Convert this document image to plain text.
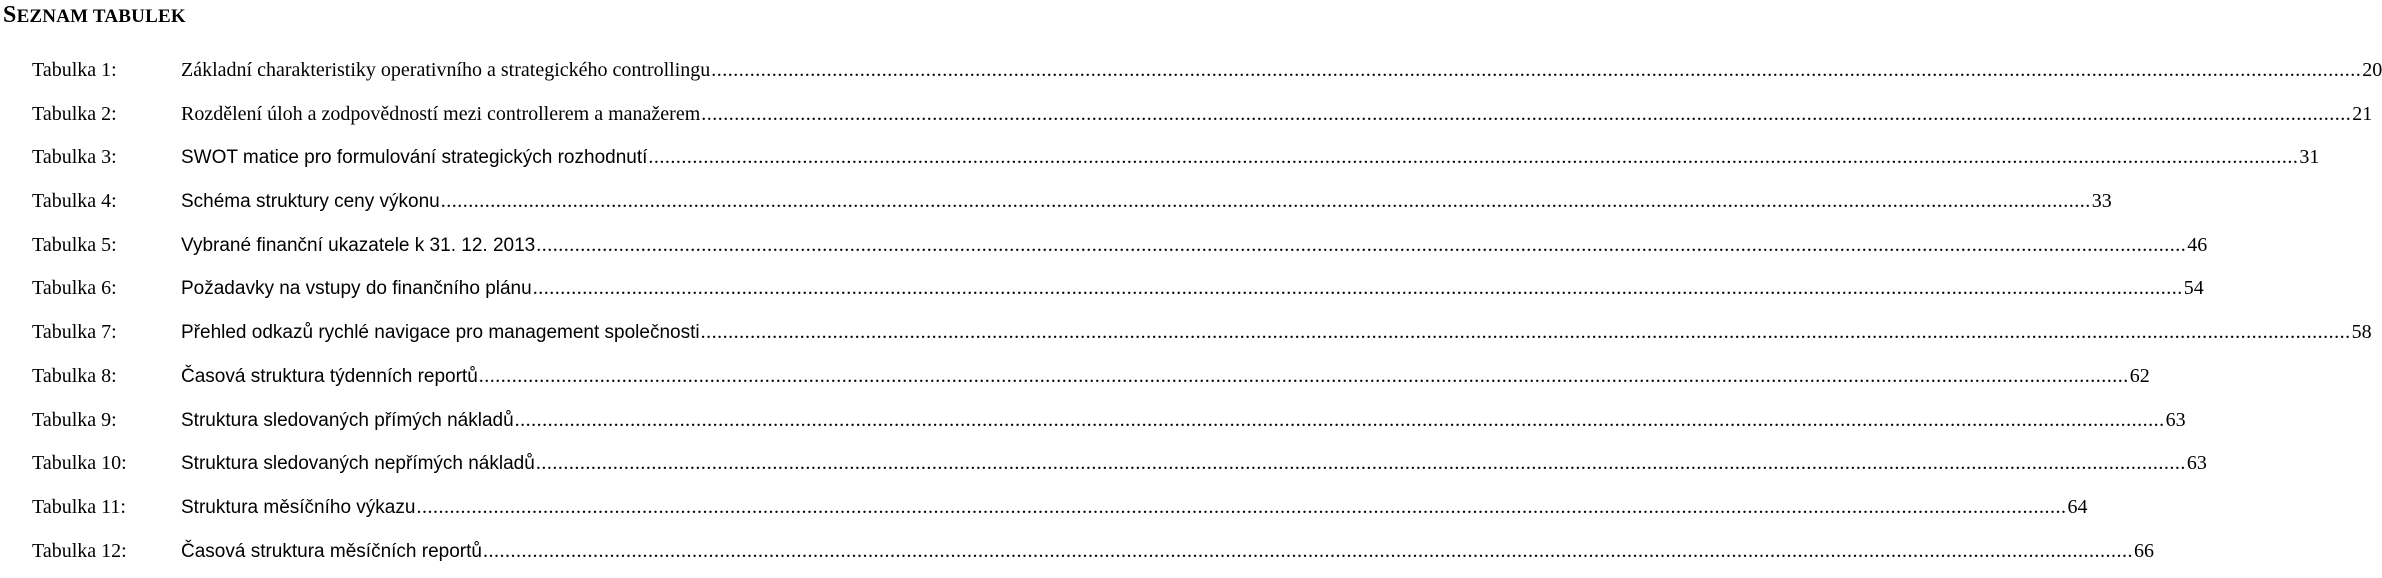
SEZNAM TABULEK
Tabulka 1:	Základní charakteristiky operativního a strategického controllingu ............................................................................................................................................................................................................................................................................................................ 20
Tabulka 2:	Rozdělení úloh a zodpovědností mezi controllerem a manažerem ............................................................................................................................................................................................................................................................................................................ 21
Tabulka 3:	SWOT matice pro formulování strategických rozhodnutí ............................................................................................................................................................................................................................................................................................................ 31
Tabulka 4:	Schéma struktury ceny výkonu ............................................................................................................................................................................................................................................................................................................ 33
Tabulka 5:	Vybrané finanční ukazatele k 31. 12. 2013 ............................................................................................................................................................................................................................................................................................................ 46
Tabulka 6:	Požadavky na vstupy do finančního plánu ............................................................................................................................................................................................................................................................................................................ 54
Tabulka 7:	Přehled odkazů rychlé navigace pro management společnosti ............................................................................................................................................................................................................................................................................................................ 58
Tabulka 8:	Časová struktura týdenních reportů ............................................................................................................................................................................................................................................................................................................ 62
Tabulka 9:	Struktura sledovaných přímých nákladů ............................................................................................................................................................................................................................................................................................................ 63
Tabulka 10:	Struktura sledovaných nepřímých nákladů ............................................................................................................................................................................................................................................................................................................ 63
Tabulka 11:	Struktura měsíčního výkazu ............................................................................................................................................................................................................................................................................................................ 64
Tabulka 12:	Časová struktura měsíčních reportů ............................................................................................................................................................................................................................................................................................................ 66
